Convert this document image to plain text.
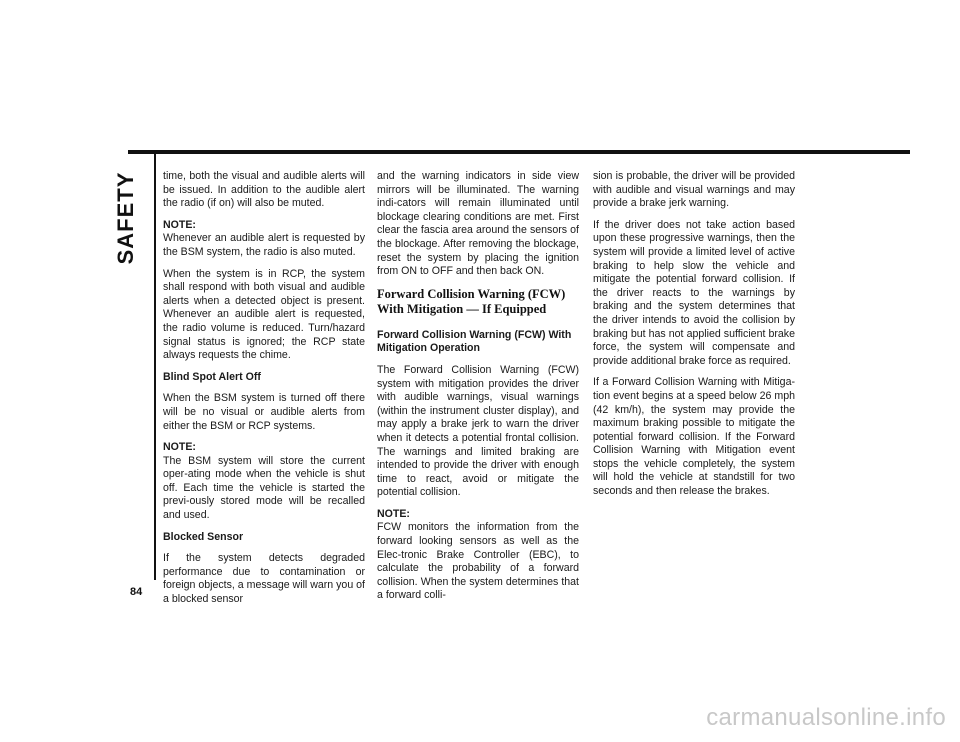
SAFETY
84

time, both the visual and audible alerts will be issued. In addition to the audible alert the radio (if on) will also be muted.

NOTE:
Whenever an audible alert is requested by the BSM system, the radio is also muted.

When the system is in RCP, the system shall respond with both visual and audible alerts when a detected object is present. Whenever an audible alert is requested, the radio volume is reduced. Turn/hazard signal status is ignored; the RCP state always requests the chime.

Blind Spot Alert Off

When the BSM system is turned off there will be no visual or audible alerts from either the BSM or RCP systems.

NOTE:
The BSM system will store the current oper-ating mode when the vehicle is shut off. Each time the vehicle is started the previ-ously stored mode will be recalled and used.
Blocked Sensor

If the system detects degraded performance due to contamination or foreign objects, a message will warn you of a blocked sensor

and the warning indicators in side view mirrors will be illuminated. The warning indi-cators will remain illuminated until blockage clearing conditions are met. First clear the fascia area around the sensors of the blockage. After removing the blockage, reset the system by placing the ignition from ON to OFF and then back ON.

Forward Collision Warning (FCW) With Mitigation — If Equipped
Forward Collision Warning (FCW) With Mitigation Operation

The Forward Collision Warning (FCW) system with mitigation provides the driver with audible warnings, visual warnings (within the instrument cluster display), and may apply a brake jerk to warn the driver when it detects a potential frontal collision. The warnings and limited braking are intended to provide the driver with enough time to react, avoid or mitigate the potential collision.

NOTE:
FCW monitors the information from the forward looking sensors as well as the Elec-tronic Brake Controller (EBC), to calculate the probability of a forward collision. When the system determines that a forward colli-

sion is probable, the driver will be provided with audible and visual warnings and may provide a brake jerk warning.

If the driver does not take action based upon these progressive warnings, then the system will provide a limited level of active braking to help slow the vehicle and mitigate the potential forward collision. If the driver reacts to the warnings by braking and the system determines that the driver intends to avoid the collision by braking but has not applied sufficient brake force, the system will compensate and provide additional brake force as required.

If a Forward Collision Warning with Mitiga-tion event begins at a speed below 26 mph (42 km/h), the system may provide the maximum braking possible to mitigate the potential forward collision. If the Forward Collision Warning with Mitigation event stops the vehicle completely, the system will hold the vehicle at standstill for two seconds and then release the brakes.

carmanualsonline.info
